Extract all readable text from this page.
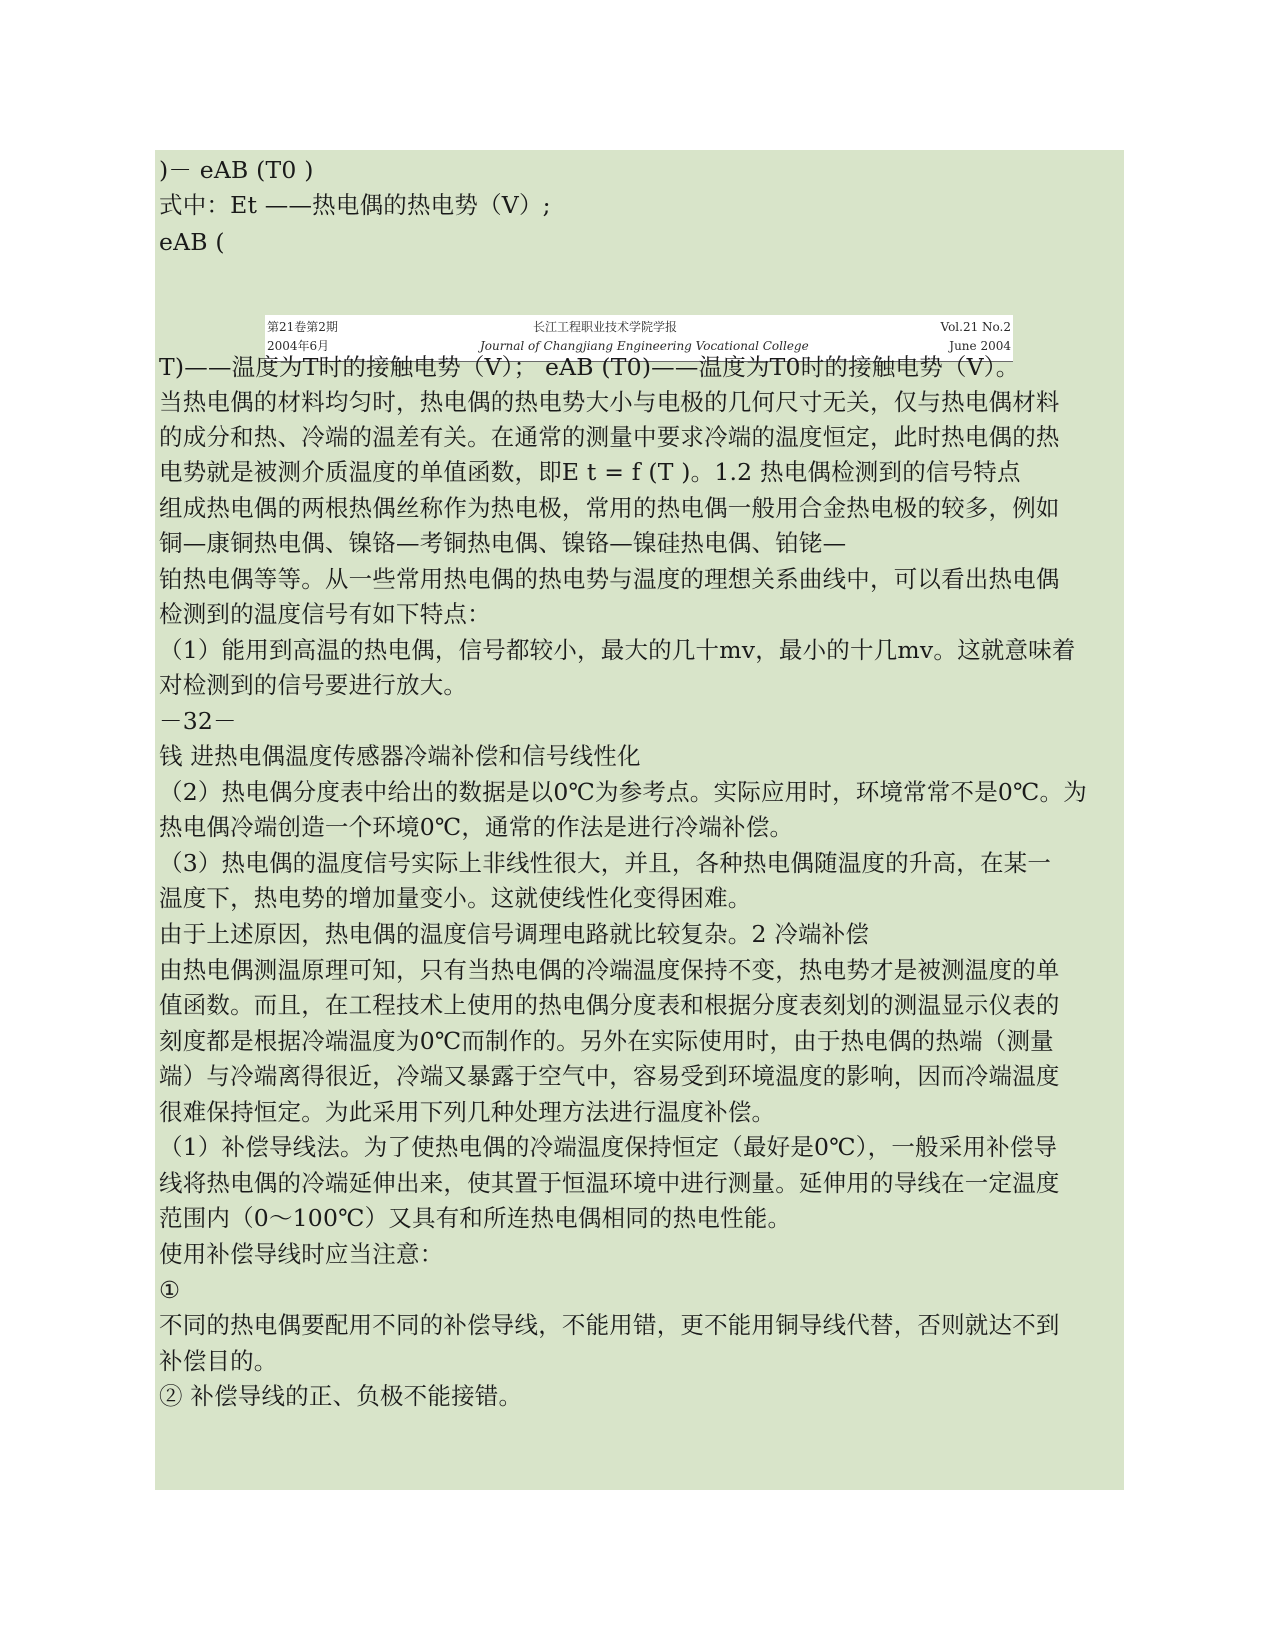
)－ eAB (T0 )
式中：Et ——热电偶的热电势（V）;
eAB (
第21卷第2期
2004年6月
长江工程职业技术学院学报
Journal of Changjiang Engineering Vocational College
Vol.21 No.2
June 2004
T)——温度为T时的接触电势（V）； eAB (T0)——温度为T0时的接触电势（V）。
当热电偶的材料均匀时，热电偶的热电势大小与电极的几何尺寸无关，仅与热电偶材料
的成分和热、冷端的温差有关。在通常的测量中要求冷端的温度恒定，此时热电偶的热
电势就是被测介质温度的单值函数，即E t = f (T )。1.2 热电偶检测到的信号特点
组成热电偶的两根热偶丝称作为热电极，常用的热电偶一般用合金热电极的较多，例如
铜—康铜热电偶、镍铬—考铜热电偶、镍铬—镍硅热电偶、铂铑—
铂热电偶等等。从一些常用热电偶的热电势与温度的理想关系曲线中，可以看出热电偶
检测到的温度信号有如下特点：
（1）能用到高温的热电偶，信号都较小，最大的几十mv，最小的十几mv。这就意味着
对检测到的信号要进行放大。
－32－
钱 进热电偶温度传感器冷端补偿和信号线性化
（2）热电偶分度表中给出的数据是以0℃为参考点。实际应用时，环境常常不是0℃。为
热电偶冷端创造一个环境0℃，通常的作法是进行冷端补偿。
（3）热电偶的温度信号实际上非线性很大，并且，各种热电偶随温度的升高，在某一
温度下，热电势的增加量变小。这就使线性化变得困难。
由于上述原因，热电偶的温度信号调理电路就比较复杂。2 冷端补偿
由热电偶测温原理可知，只有当热电偶的冷端温度保持不变，热电势才是被测温度的单
值函数。而且，在工程技术上使用的热电偶分度表和根据分度表刻划的测温显示仪表的
刻度都是根据冷端温度为0℃而制作的。另外在实际使用时，由于热电偶的热端（测量
端）与冷端离得很近，冷端又暴露于空气中，容易受到环境温度的影响，因而冷端温度
很难保持恒定。为此采用下列几种处理方法进行温度补偿。
（1）补偿导线法。为了使热电偶的冷端温度保持恒定（最好是0℃），一般采用补偿导
线将热电偶的冷端延伸出来，使其置于恒温环境中进行测量。延伸用的导线在一定温度
范围内（0～100℃）又具有和所连热电偶相同的热电性能。
使用补偿导线时应当注意：
①
不同的热电偶要配用不同的补偿导线，不能用错，更不能用铜导线代替，否则就达不到
补偿目的。
② 补偿导线的正、负极不能接错。
